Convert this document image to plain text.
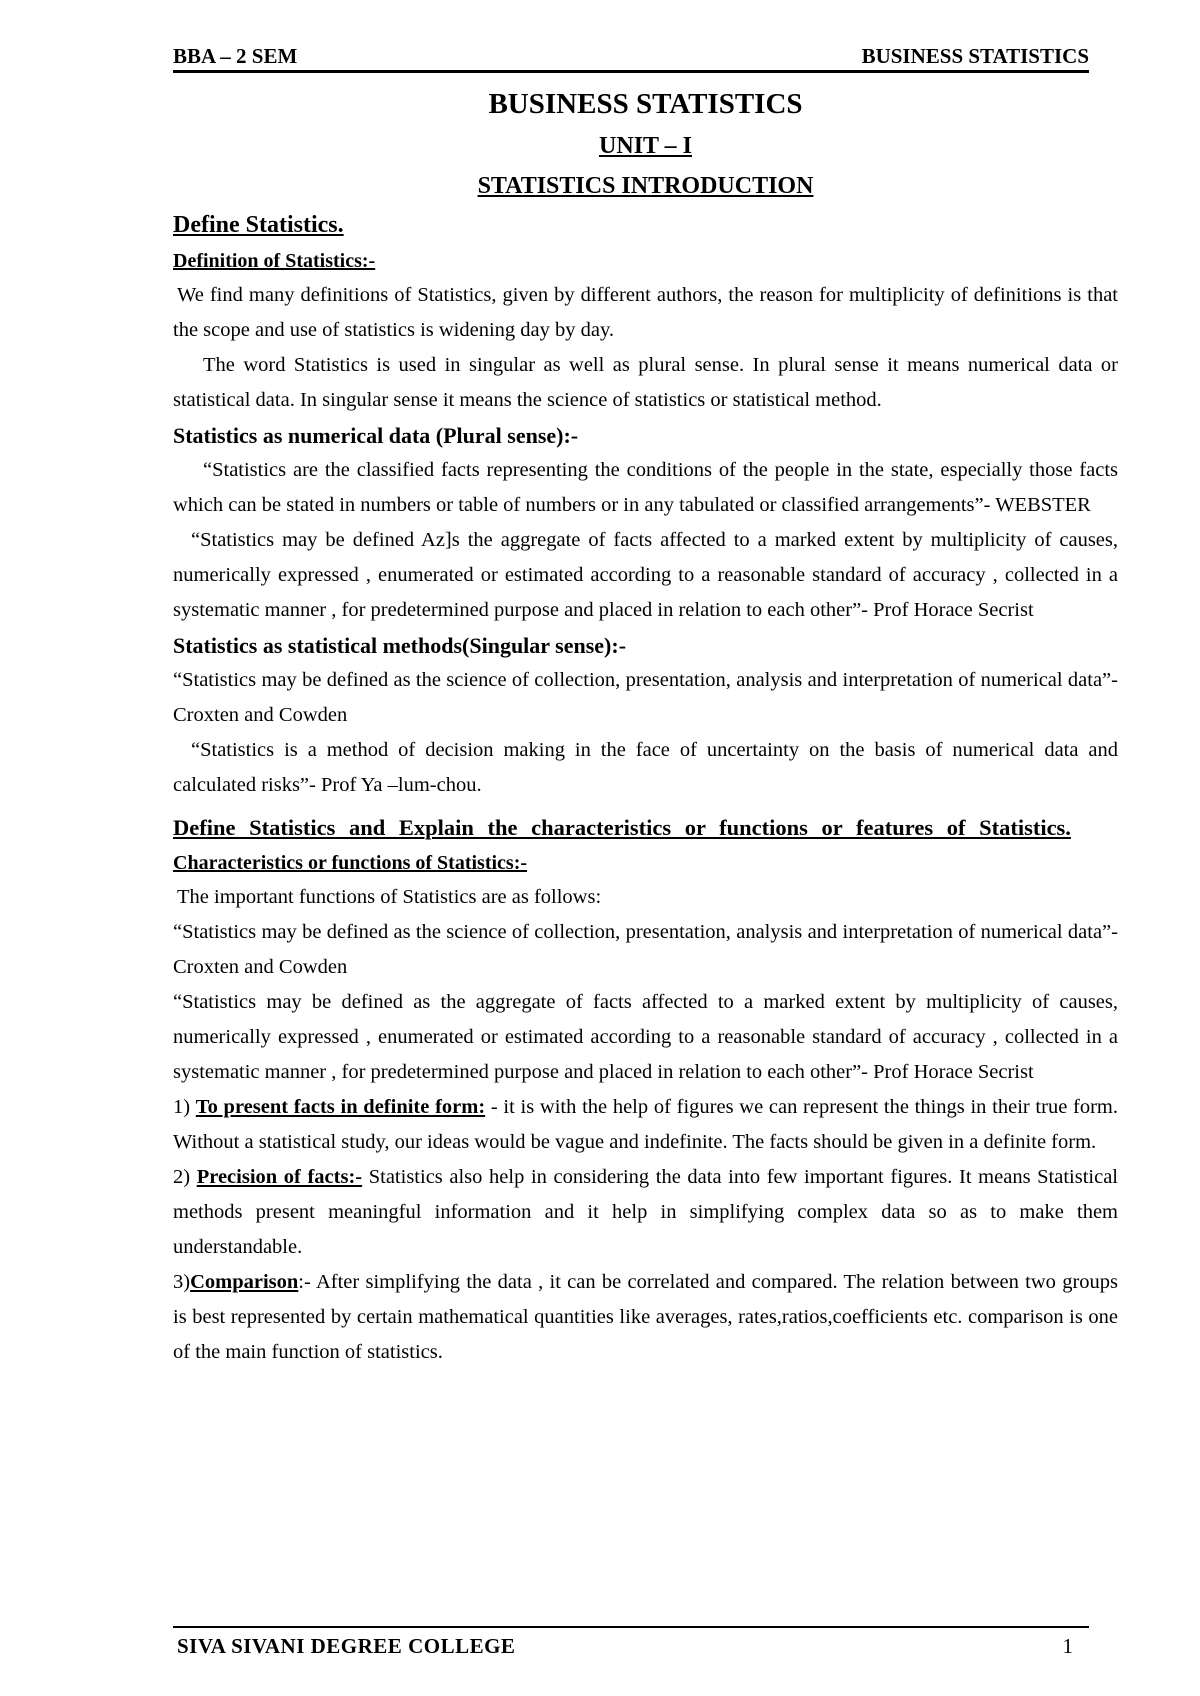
BBA – 2 SEM	BUSINESS STATISTICS
BUSINESS STATISTICS
UNIT – I
STATISTICS INTRODUCTION
Define Statistics.
Definition of Statistics:-

We find many definitions of Statistics, given by different authors, the reason for multiplicity of definitions is that the scope and use of statistics is widening day by day.

The word Statistics is used in singular as well as plural sense. In plural sense it means numerical data or statistical data. In singular sense it means the science of statistics or statistical method.

Statistics as numerical data (Plural sense):-

“Statistics are the classified facts representing the conditions of the people in the state, especially those facts which can be stated in numbers or table of numbers or in any tabulated or classified arrangements”- WEBSTER

“Statistics may be defined Az]s the aggregate of facts affected to a marked extent by multiplicity of causes, numerically expressed , enumerated or estimated according to a reasonable standard of accuracy , collected in a systematic manner , for predetermined purpose and placed in relation to each other”- Prof Horace Secrist

Statistics as statistical methods(Singular sense):-

“Statistics may be defined as the science of collection, presentation, analysis and interpretation of numerical data”-Croxten and Cowden

“Statistics is a method of decision making in the face of uncertainty on the basis of numerical data and calculated risks”- Prof Ya –lum-chou.

Define Statistics and Explain the characteristics or functions or features of Statistics.
Characteristics or functions of Statistics:-

The important functions of Statistics are as follows:

“Statistics may be defined as the science of collection, presentation, analysis and interpretation of numerical data”-Croxten and Cowden

“Statistics may be defined as the aggregate of facts affected to a marked extent by multiplicity of causes, numerically expressed , enumerated or estimated according to a reasonable standard of accuracy , collected in a systematic manner , for predetermined purpose and placed in relation to each other”- Prof Horace Secrist

1) To present facts in definite form: - it is with the help of figures we can represent the things in their true form. Without a statistical study, our ideas would be vague and indefinite. The facts should be given in a definite form.

2) Precision of facts:- Statistics also help in considering the data into few important figures. It means Statistical methods present meaningful information and it help in simplifying complex data so as to make them understandable.

3)Comparison:- After simplifying the data , it can be correlated and compared. The relation between two groups is best represented by certain mathematical quantities like averages, rates,ratios,coefficients etc. comparison is one of the main function of statistics.

SIVA SIVANI DEGREE COLLEGE	1
